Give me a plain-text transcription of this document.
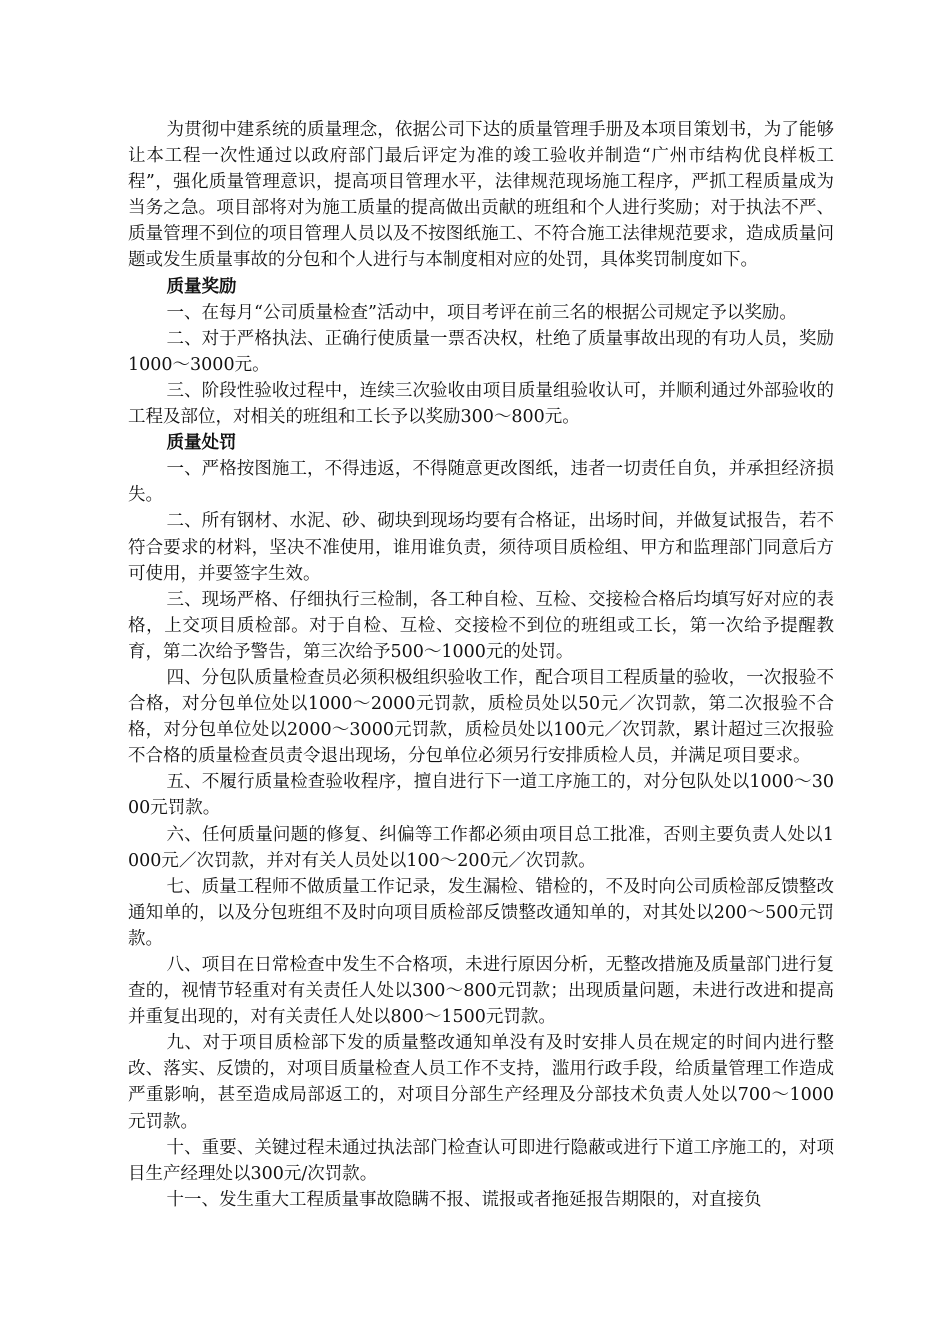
为贯彻中建系统的质量理念，依据公司下达的质量管理手册及本项目策划书，为了能够让本工程一次性通过以政府部门最后评定为准的竣工验收并制造“广州市结构优良样板工程”，强化质量管理意识，提高项目管理水平，法律规范现场施工程序，严抓工程质量成为当务之急。项目部将对为施工质量的提高做出贡献的班组和个人进行奖励；对于执法不严、质量管理不到位的项目管理人员以及不按图纸施工、不符合施工法律规范要求，造成质量问题或发生质量事故的分包和个人进行与本制度相对应的处罚，具体奖罚制度如下。

质量奖励

一、在每月“公司质量检查”活动中，项目考评在前三名的根据公司规定予以奖励。

二、对于严格执法、正确行使质量一票否决权，杜绝了质量事故出现的有功人员，奖励1000～3000元。

三、阶段性验收过程中，连续三次验收由项目质量组验收认可，并顺利通过外部验收的工程及部位，对相关的班组和工长予以奖励300～800元。

质量处罚

一、严格按图施工，不得违返，不得随意更改图纸，违者一切责任自负，并承担经济损失。

二、所有钢材、水泥、砂、砌块到现场均要有合格证，出场时间，并做复试报告，若不符合要求的材料，坚决不准使用，谁用谁负责，须待项目质检组、甲方和监理部门同意后方可使用，并要签字生效。

三、现场严格、仔细执行三检制，各工种自检、互检、交接检合格后均填写好对应的表格，上交项目质检部。对于自检、互检、交接检不到位的班组或工长，第一次给予提醒教育，第二次给予警告，第三次给予500～1000元的处罚。

四、分包队质量检查员必须积极组织验收工作，配合项目工程质量的验收，一次报验不合格，对分包单位处以1000～2000元罚款，质检员处以50元／次罚款，第二次报验不合格，对分包单位处以2000～3000元罚款，质检员处以100元／次罚款，累计超过三次报验不合格的质量检查员责令退出现场，分包单位必须另行安排质检人员，并满足项目要求。

五、不履行质量检查验收程序，擅自进行下一道工序施工的，对分包队处以1000～3000元罚款。

六、任何质量问题的修复、纠偏等工作都必须由项目总工批准，否则主要负责人处以1000元／次罚款，并对有关人员处以100～200元／次罚款。

七、质量工程师不做质量工作记录，发生漏检、错检的，不及时向公司质检部反馈整改通知单的，以及分包班组不及时向项目质检部反馈整改通知单的，对其处以200～500元罚款。

八、项目在日常检查中发生不合格项，未进行原因分析，无整改措施及质量部门进行复查的，视情节轻重对有关责任人处以300～800元罚款；出现质量问题，未进行改进和提高并重复出现的，对有关责任人处以800～1500元罚款。

九、对于项目质检部下发的质量整改通知单没有及时安排人员在规定的时间内进行整改、落实、反馈的，对项目质量检查人员工作不支持，滥用行政手段，给质量管理工作造成严重影响，甚至造成局部返工的，对项目分部生产经理及分部技术负责人处以700～1000元罚款。

十、重要、关键过程未通过执法部门检查认可即进行隐蔽或进行下道工序施工的，对项目生产经理处以300元/次罚款。

十一、发生重大工程质量事故隐瞒不报、谎报或者拖延报告期限的，对直接负
